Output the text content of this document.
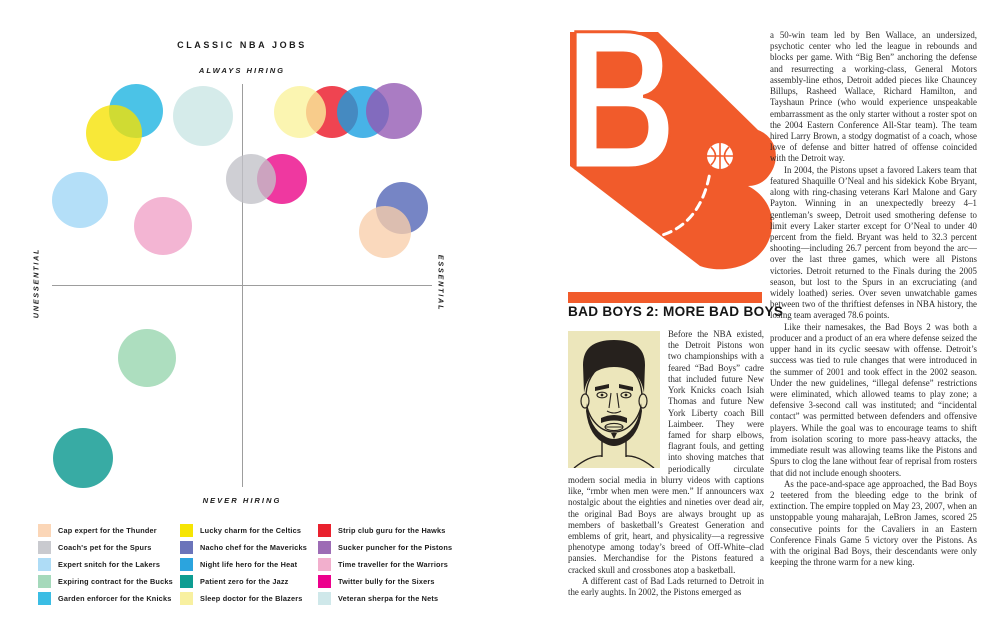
CLASSIC NBA JOBS
ALWAYS HIRING
UNESSENTIAL	ESSENTIAL
NEVER HIRING
Cap expert for the Thunder
Coach's pet for the Spurs
Expert snitch for the Lakers
Expiring contract for the Bucks
Garden enforcer for the Knicks
Lucky charm for the Celtics
Nacho chef for the Mavericks
Night life hero for the Heat
Patient zero for the Jazz
Sleep doctor for the Blazers
Strip club guru for the Hawks
Sucker puncher for the Pistons
Time traveller for the Warriors
Twitter bully for the Sixers
Veteran sherpa for the Nets
B
BAD BOYS 2: MORE BAD BOYS

Before the NBA existed, the Detroit Pistons won two championships with a feared “Bad Boys” cadre that included future New York Knicks coach Isiah Thomas and future New York Liberty coach Bill Laimbeer. They were famed for sharp elbows, flagrant fouls, and getting into shoving matches that periodically circulate modern social media in blurry videos with captions like, “rmbr when men were men.” If announcers wax nostalgic about the eighties and nineties over dead air, the original Bad Boys are always brought up as members of basketball’s Greatest Generation and emblems of grit, heart, and physicality—a regressive phenotype among today’s breed of Off-White–clad pansies. Merchandise for the Pistons featured a cracked skull and crossbones atop a basketball.

A different cast of Bad Lads returned to Detroit in the early aughts. In 2002, the Pistons emerged as

a 50-win team led by Ben Wallace, an undersized, psychotic center who led the league in rebounds and blocks per game. With “Big Ben” anchoring the defense and resurrecting a working-class, General Motors assembly-line ethos, Detroit added pieces like Chauncey Billups, Rasheed Wallace, Richard Hamilton, and Tayshaun Prince (who would experience unspeakable embarrassment as the only starter without a roster spot on the 2004 Eastern Conference All-Star team). The team hired Larry Brown, a stodgy dogmatist of a coach, whose love of defense and bitter hatred of offense coincided with the Detroit way.

In 2004, the Pistons upset a favored Lakers team that featured Shaquille O’Neal and his sidekick Kobe Bryant, along with ring-chasing veterans Karl Malone and Gary Payton. Winning in an unexpectedly breezy 4–1 gentleman’s sweep, Detroit used smothering defense to limit every Laker starter except for O’Neal to under 40 percent from the field. Bryant was held to 32.3 percent shooting—including 26.7 percent from beyond the arc—over the last three games, which were all Pistons victories. Detroit returned to the Finals during the 2005 season, but lost to the Spurs in an excruciating (and widely loathed) series. Over seven unwatchable games between two of the thriftiest defenses in NBA history, the losing team averaged 78.6 points.

Like their namesakes, the Bad Boys 2 was both a producer and a product of an era where defense seized the upper hand in its cyclic seesaw with offense. Detroit’s success was tied to rule changes that were introduced in the summer of 2001 and took effect in the 2002 season. Under the new guidelines, “illegal defense” restrictions were eliminated, which allowed teams to play zone; a defensive 3-second call was instituted; and “incidental contact” was permitted between defenders and offensive players. While the goal was to encourage teams to shift from isolation scoring to more pass-heavy attacks, the immediate result was allowing teams like the Pistons and Spurs to clog the lane without fear of reprisal from rosters that did not include enough shooters.

As the pace-and-space age approached, the Bad Boys 2 teetered from the bleeding edge to the brink of extinction. The empire toppled on May 23, 2007, when an unstoppable young maharajah, LeBron James, scored 25 consecutive points for the Cavaliers in an Eastern Conference Finals Game 5 victory over the Pistons. As with the original Bad Boys, their descendants were only keeping the throne warm for a new king.
